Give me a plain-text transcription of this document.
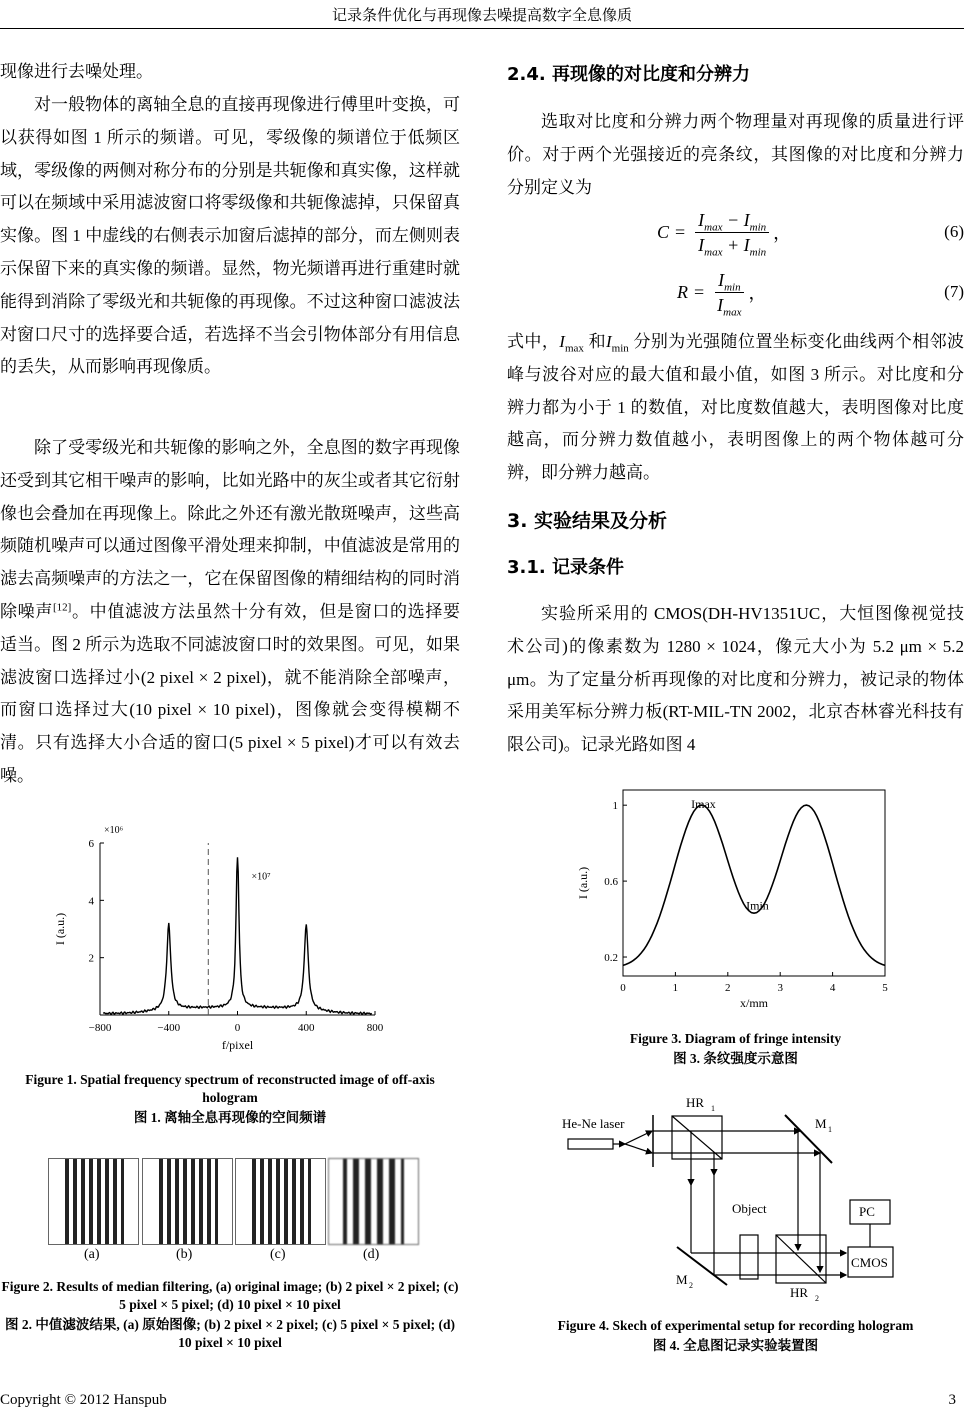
记录条件优化与再现像去噪提高数字全息像质

现像进行去噪处理。

对一般物体的离轴全息的直接再现像进行傅里叶变换，可以获得如图 1 所示的频谱。可见，零级像的频谱位于低频区域，零级像的两侧对称分布的分别是共轭像和真实像，这样就可以在频域中采用滤波窗口将零级像和共轭像滤掉，只保留真实像。图 1 中虚线的右侧表示加窗后滤掉的部分，而左侧则表示保留下来的真实像的频谱。显然，物光频谱再进行重建时就能得到消除了零级光和共轭像的再现像。不过这种窗口滤波法对窗口尺寸的选择要合适，若选择不当会引物体部分有用信息的丢失，从而影响再现像质。

除了受零级光和共轭像的影响之外，全息图的数字再现像还受到其它相干噪声的影响，比如光路中的灰尘或者其它衍射像也会叠加在再现像上。除此之外还有激光散斑噪声，这些高频随机噪声可以通过图像平滑处理来抑制，中值滤波是常用的滤去高频噪声的方法之一，它在保留图像的精细结构的同时消除噪声[12]。中值滤波方法虽然十分有效，但是窗口的选择要适当。图 2 所示为选取不同滤波窗口时的效果图。可见，如果滤波窗口选择过小(2 pixel × 2 pixel)，就不能消除全部噪声，而窗口选择过大(10 pixel × 10 pixel)，图像就会变得模糊不清。只有选择大小合适的窗口(5 pixel × 5 pixel)才可以有效去噪。

2.4. 再现像的对比度和分辨力

选取对比度和分辨力两个物理量对再现像的质量进行评价。对于两个光强接近的亮条纹，其图像的对比度和分辨力分别定义为

$C = \frac{I_{max} - I_{min}}{I_{max} + I_{min}}$ ，	(6)
$R = \frac{I_{min}}{I_{max}}$ ，	(7)

式中，$I_{max}$ 和$I_{min}$ 分别为光强随位置坐标变化曲线两个相邻波峰与波谷对应的最大值和最小值，如图 3 所示。对比度和分辨力都为小于 1 的数值，对比度数值越大，表明图像对比度越高，而分辨力数值越小，表明图像上的两个物体越可分辨，即分辨力越高。

3. 实验结果及分析
3.1. 记录条件

实验所采用的 CMOS(DH-HV1351UC，大恒图像视觉技术公司)的像素数为 1280 × 1024，像元大小为 5.2 μm × 5.2 μm。为了定量分析再现像的对比度和分辨力，被记录的物体采用美军标分辨力板(RT-MIL-TN 2002，北京杏林睿光科技有限公司)。记录光路如图 4

−800	−400	0	400	800
2
4
6
f/pixel
I (a.u.)
×10⁶
×10⁷
Figure 1. Spatial frequency spectrum of reconstructed image of off-axis hologram
图 1. 离轴全息再现像的空间频谱
(a)	(b)	(c)	(d)
Figure 2. Results of median filtering, (a) original image; (b) 2 pixel × 2 pixel; (c) 5 pixel × 5 pixel; (d) 10 pixel × 10 pixel
图 2. 中值滤波结果, (a) 原始图像; (b) 2 pixel × 2 pixel; (c) 5 pixel × 5 pixel; (d) 10 pixel × 10 pixel
0	1	2	3	4	5
0.2
0.6
1
x/mm
I (a.u.)
Imax
Imin
Figure 3. Diagram of fringe intensity
图 3. 条纹强度示意图
He-Ne laser
HR 1
M 1
Object	PC
CMOS
M 2	HR 2
Figure 4. Skech of experimental setup for recording hologram
图 4. 全息图记录实验装置图
Copyright © 2012 Hanspub	3
